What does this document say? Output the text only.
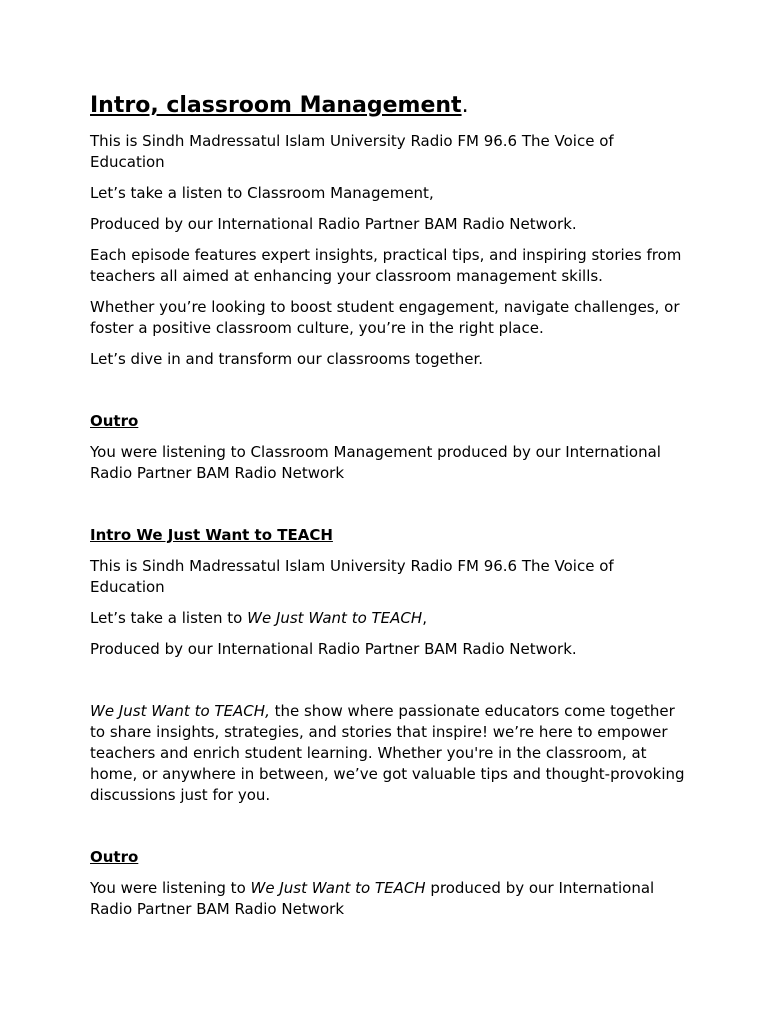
Intro, classroom Management.

This is Sindh Madressatul Islam University Radio FM 96.6 The Voice of Education

Let’s take a listen to Classroom Management,

Produced by our International Radio Partner BAM Radio Network.

Each episode features expert insights, practical tips, and inspiring stories from teachers all aimed at enhancing your classroom management skills.

Whether you’re looking to boost student engagement, navigate challenges, or foster a positive classroom culture, you’re in the right place.

Let’s dive in and transform our classrooms together.

Outro

You were listening to Classroom Management produced by our International Radio Partner BAM Radio Network

Intro We Just Want to TEACH

This is Sindh Madressatul Islam University Radio FM 96.6 The Voice of Education

Let’s take a listen to We Just Want to TEACH,

Produced by our International Radio Partner BAM Radio Network.

We Just Want to TEACH, the show where passionate educators come together to share insights, strategies, and stories that inspire! we’re here to empower teachers and enrich student learning. Whether you're in the classroom, at home, or anywhere in between, we’ve got valuable tips and thought-provoking discussions just for you.

Outro

You were listening to We Just Want to TEACH produced by our International Radio Partner BAM Radio Network
